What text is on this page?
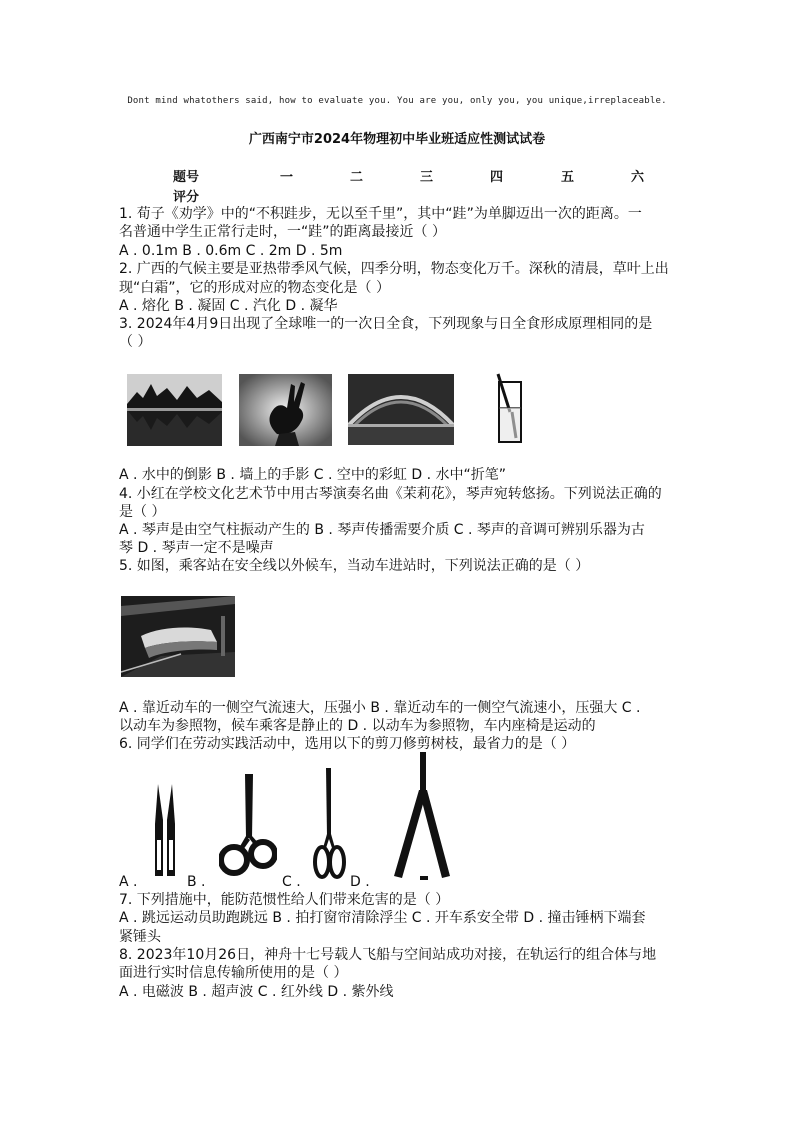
Dont mind whatothers said, how to evaluate you. You are you, only you, you unique,irreplaceable.
广西南宁市2024年物理初中毕业班适应性测试试卷
题号	一	二	三	四	五	六
评分
1. 荀子《劝学》中的“不积跬步，无以至千里”，其中“跬”为单脚迈出一次的距离。一
名普通中学生正常行走时，一“跬”的距离最接近（ ）
A . 0.1m B . 0.6m C . 2m D . 5m
2. 广西的气候主要是亚热带季风气候，四季分明，物态变化万千。深秋的清晨，草叶上出
现“白霜”，它的形成对应的物态变化是（ ）
A . 熔化 B . 凝固 C . 汽化 D . 凝华
3. 2024年4月9日出现了全球唯一的一次日全食，下列现象与日全食形成原理相同的是
（ ）
A . 水中的倒影 B . 墙上的手影 C . 空中的彩虹 D . 水中“折笔”
4. 小红在学校文化艺术节中用古琴演奏名曲《茉莉花》，琴声宛转悠扬。下列说法正确的
是（ ）
A . 琴声是由空气柱振动产生的 B . 琴声传播需要介质 C . 琴声的音调可辨别乐器为古
琴 D . 琴声一定不是噪声
5. 如图，乘客站在安全线以外候车，当动车进站时，下列说法正确的是（ ）
A . 靠近动车的一侧空气流速大，压强小 B . 靠近动车的一侧空气流速小，压强大 C .
以动车为参照物，候车乘客是静止的 D . 以动车为参照物，车内座椅是运动的
6. 同学们在劳动实践活动中，选用以下的剪刀修剪树枝，最省力的是（ ）
A .	B .	C .	D .
7. 下列措施中，能防范惯性给人们带来危害的是（ ）
A . 跳远运动员助跑跳远 B . 拍打窗帘清除浮尘 C . 开车系安全带 D . 撞击锤柄下端套
紧锤头
8. 2023年10月26日，神舟十七号载人飞船与空间站成功对接，在轨运行的组合体与地
面进行实时信息传输所使用的是（ ）
A . 电磁波 B . 超声波 C . 红外线 D . 紫外线
